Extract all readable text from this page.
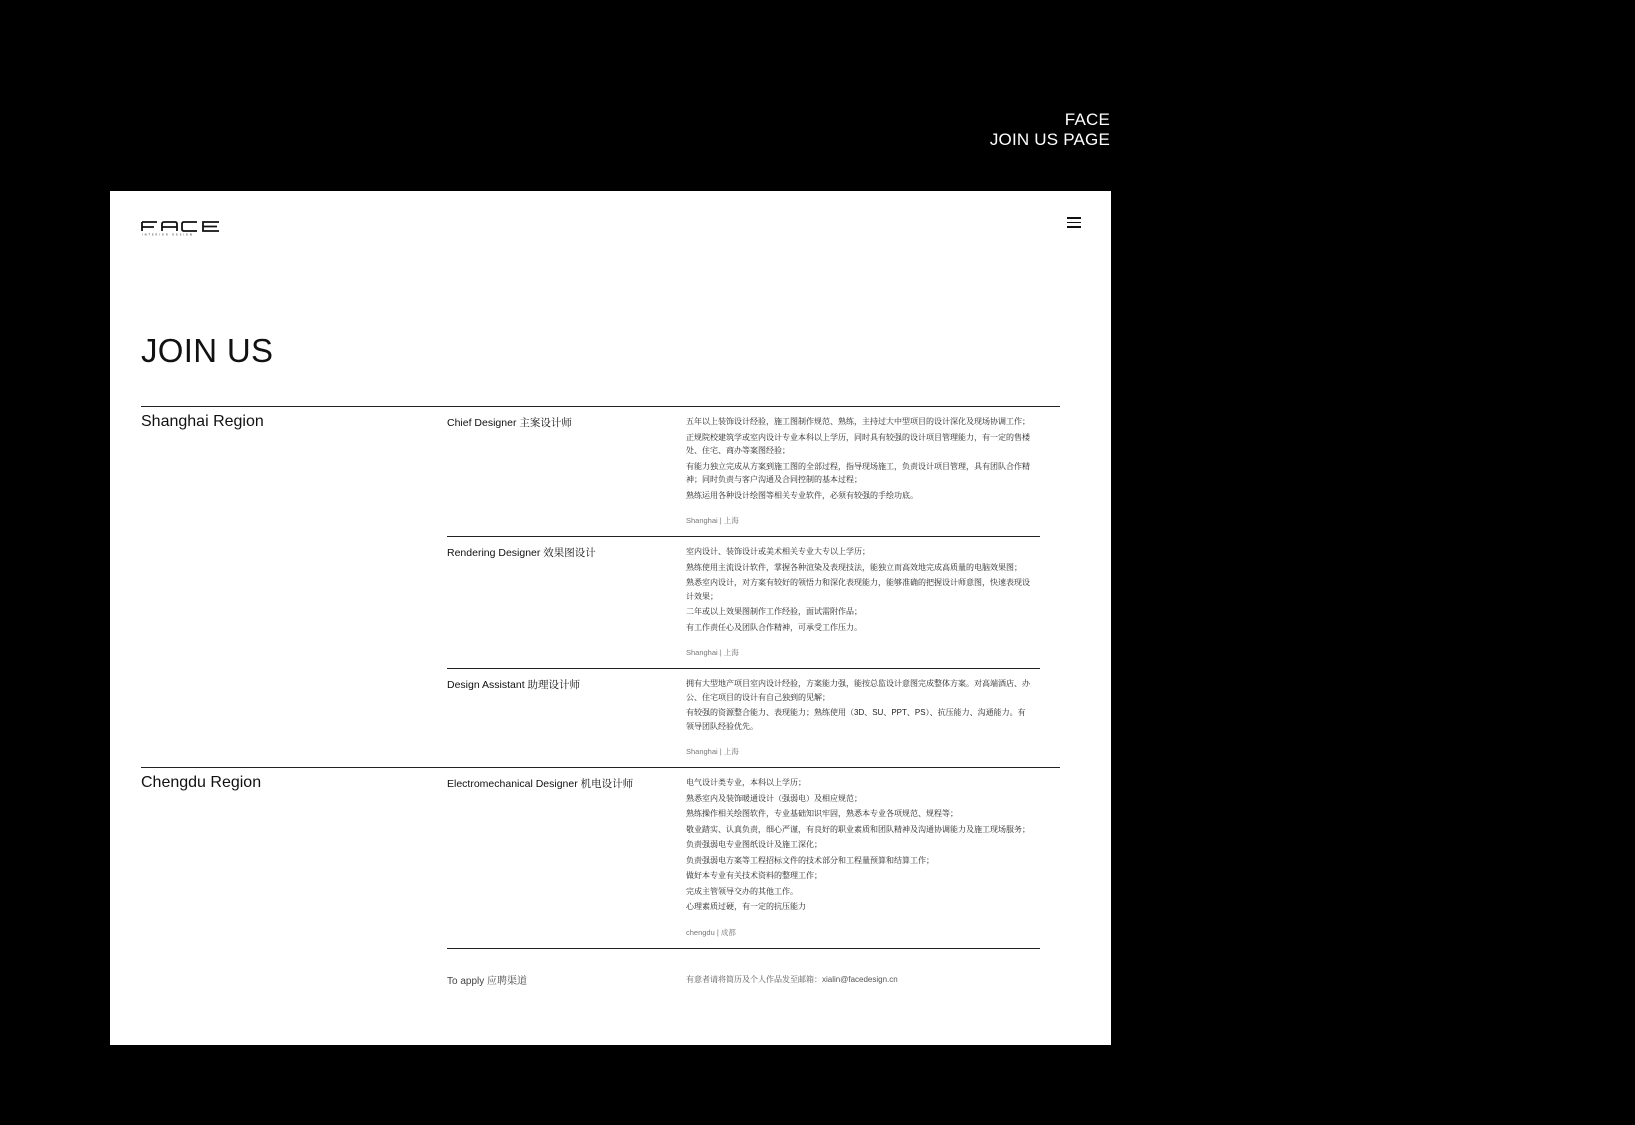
FACE
JOIN US PAGE
INTERIOR DESIGN
JOIN US
Shanghai Region	Chief Designer 主案设计师	五年以上装饰设计经验，施工图制作规范、熟练，主持过大中型项目的设计深化及现场协调工作；
正规院校建筑学或室内设计专业本科以上学历，同时具有较强的设计项目管理能力，有一定的售楼处、住宅、商办等案图经验；
有能力独立完成从方案到施工图的全部过程，指导现场施工，负责设计项目管理，具有团队合作精神；同时负责与客户沟通及合同控制的基本过程；
熟练运用各种设计绘图等相关专业软件，必须有较强的手绘功底。
Shanghai | 上海
Rendering Designer 效果图设计	室内设计、装饰设计或美术相关专业大专以上学历；
熟练使用主流设计软件，掌握各种渲染及表现技法，能独立而高效地完成高质量的电脑效果图；
熟悉室内设计，对方案有较好的领悟力和深化表现能力，能够准确的把握设计师意图，快速表现设计效果；
二年或以上效果图制作工作经验，面试需附作品；
有工作责任心及团队合作精神，可承受工作压力。
Shanghai | 上海
Design Assistant 助理设计师	拥有大型地产项目室内设计经验，方案能力强，能按总监设计意图完成整体方案。对高端酒店、办公、住宅项目的设计有自己独到的见解；
有较强的资源整合能力、表现能力；熟练使用（3D、SU、PPT、PS）、抗压能力、沟通能力。有领导团队经验优先。
Shanghai | 上海
Chengdu Region	Electromechanical Designer 机电设计师	电气设计类专业，本科以上学历；
熟悉室内及装饰暖通设计（强弱电）及相应规范；
熟练操作相关绘图软件，专业基础知识牢固，熟悉本专业各项规范、规程等；
敬业踏实、认真负责，细心严谨，有良好的职业素质和团队精神及沟通协调能力及施工现场服务；
负责强弱电专业图纸设计及施工深化；
负责强弱电方案等工程招标文件的技术部分和工程量预算和结算工作；
做好本专业有关技术资料的整理工作；
完成主管领导交办的其他工作。
心理素质过硬，有一定的抗压能力
chengdu | 成都
To apply 应聘渠道	有意者请将简历及个人作品发至邮箱：xialin@facedesign.cn
